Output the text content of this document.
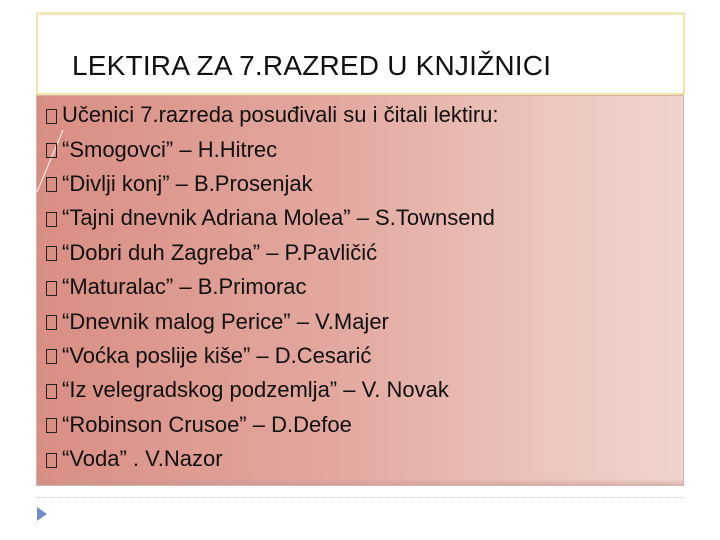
LEKTIRA ZA 7.RAZRED U KNJIŽNICI
Učenici 7.razreda posuđivali su i čitali lektiru:
“Smogovci” – H.Hitrec
“Divlji konj” – B.Prosenjak
“Tajni dnevnik Adriana Molea” – S.Townsend
“Dobri duh Zagreba” – P.Pavličić
“Maturalac” – B.Primorac
“Dnevnik malog Perice” – V.Majer
“Voćka poslije kiše” – D.Cesarić
“Iz velegradskog podzemlja” – V. Novak
“Robinson Crusoe” – D.Defoe
“Voda” . V.Nazor
